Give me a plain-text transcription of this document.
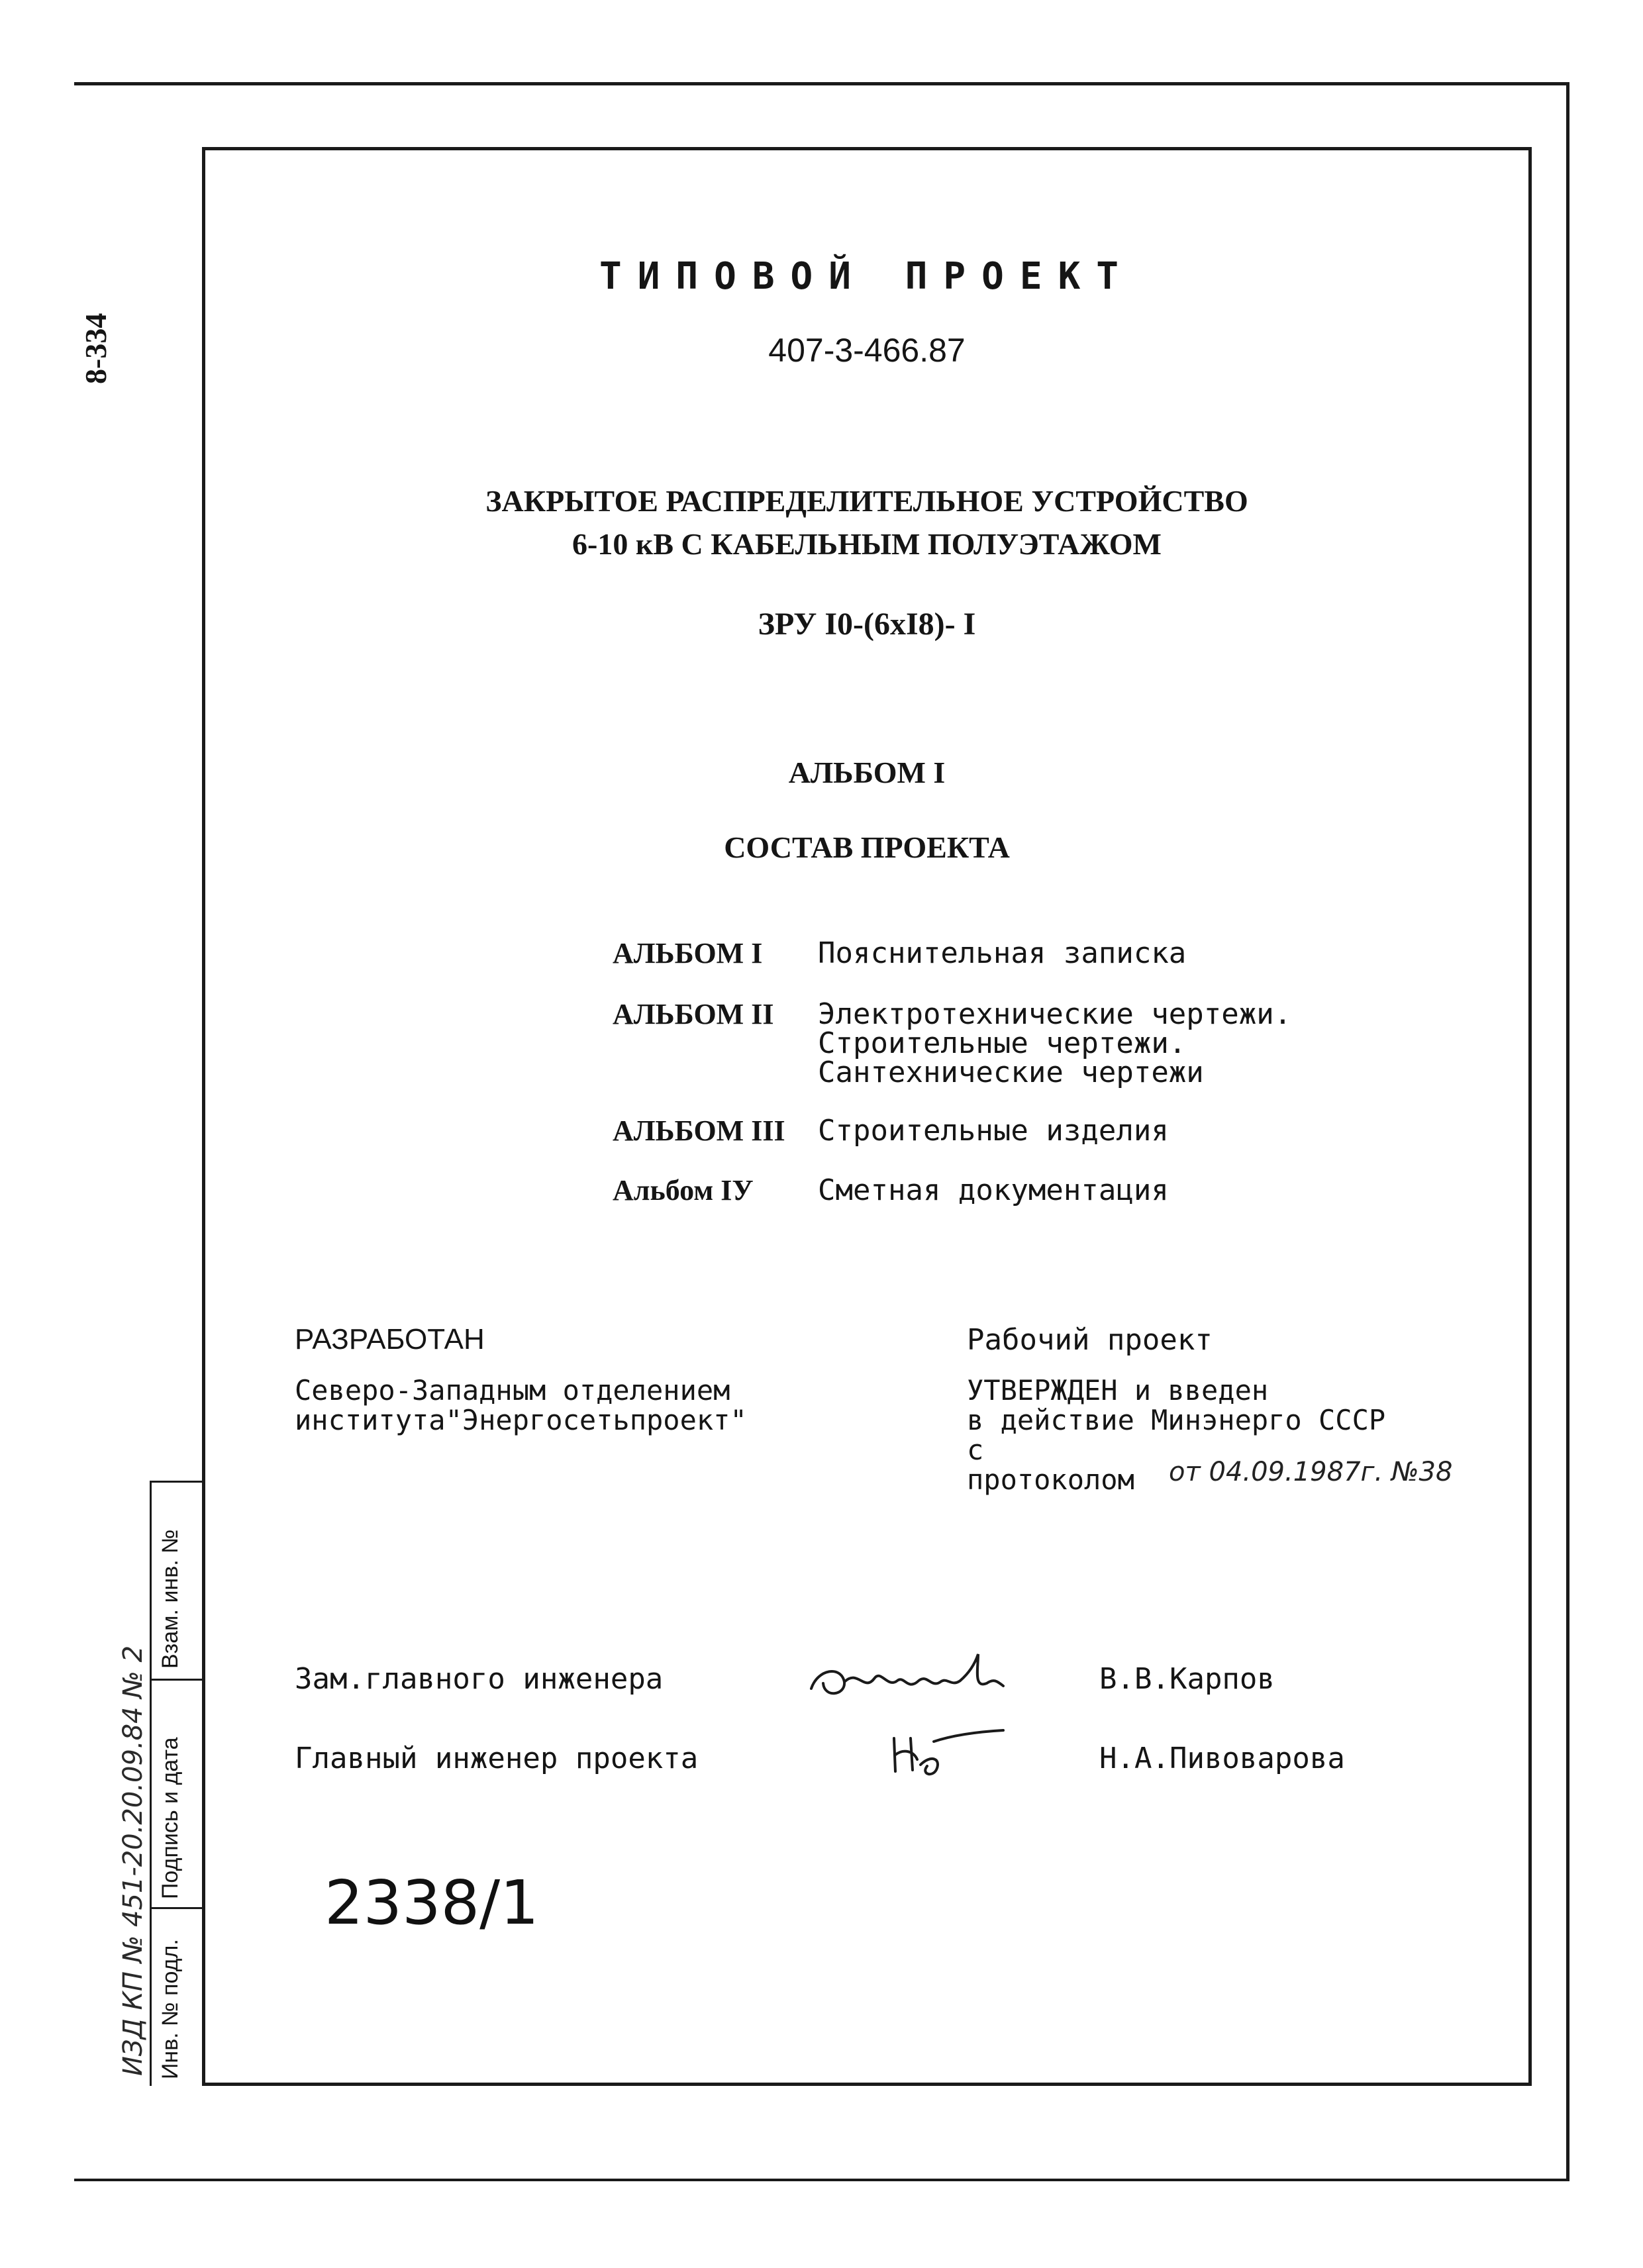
8-334
Инв. № подл.
Подпись и дата
Взам. инв. №
ИЗД КП № 451-20.20.09.84 № 2
ТИПОВОЙ ПРОЕКТ
407-3-466.87
ЗАКРЫТОЕ РАСПРЕДЕЛИТЕЛЬНОЕ УСТРОЙСТВО
6-10 кВ С КАБЕЛЬНЫМ ПОЛУЭТАЖОМ
ЗРУ I0-(6xI8)- I
АЛЬБОМ I
СОСТАВ ПРОЕКТА
АЛЬБОМ I Пояснительная записка
АЛЬБОМ II Электротехнические чертежи.
Строительные чертежи.
Сантехнические чертежи
АЛЬБОМ III Строительные изделия
Альбом IУ Сметная документация
РАЗРАБОТАН
Северо-Западным отделением
института"Энергосетьпроект"
Рабочий проект
УТВЕРЖДЕН и введен
в действие Минэнерго СССР
с
протоколом от 04.09.1987г. №38
Зам.главного инженера	В.В.Карпов
Главный инженер проекта	Н.А.Пивоварова
2338/1
